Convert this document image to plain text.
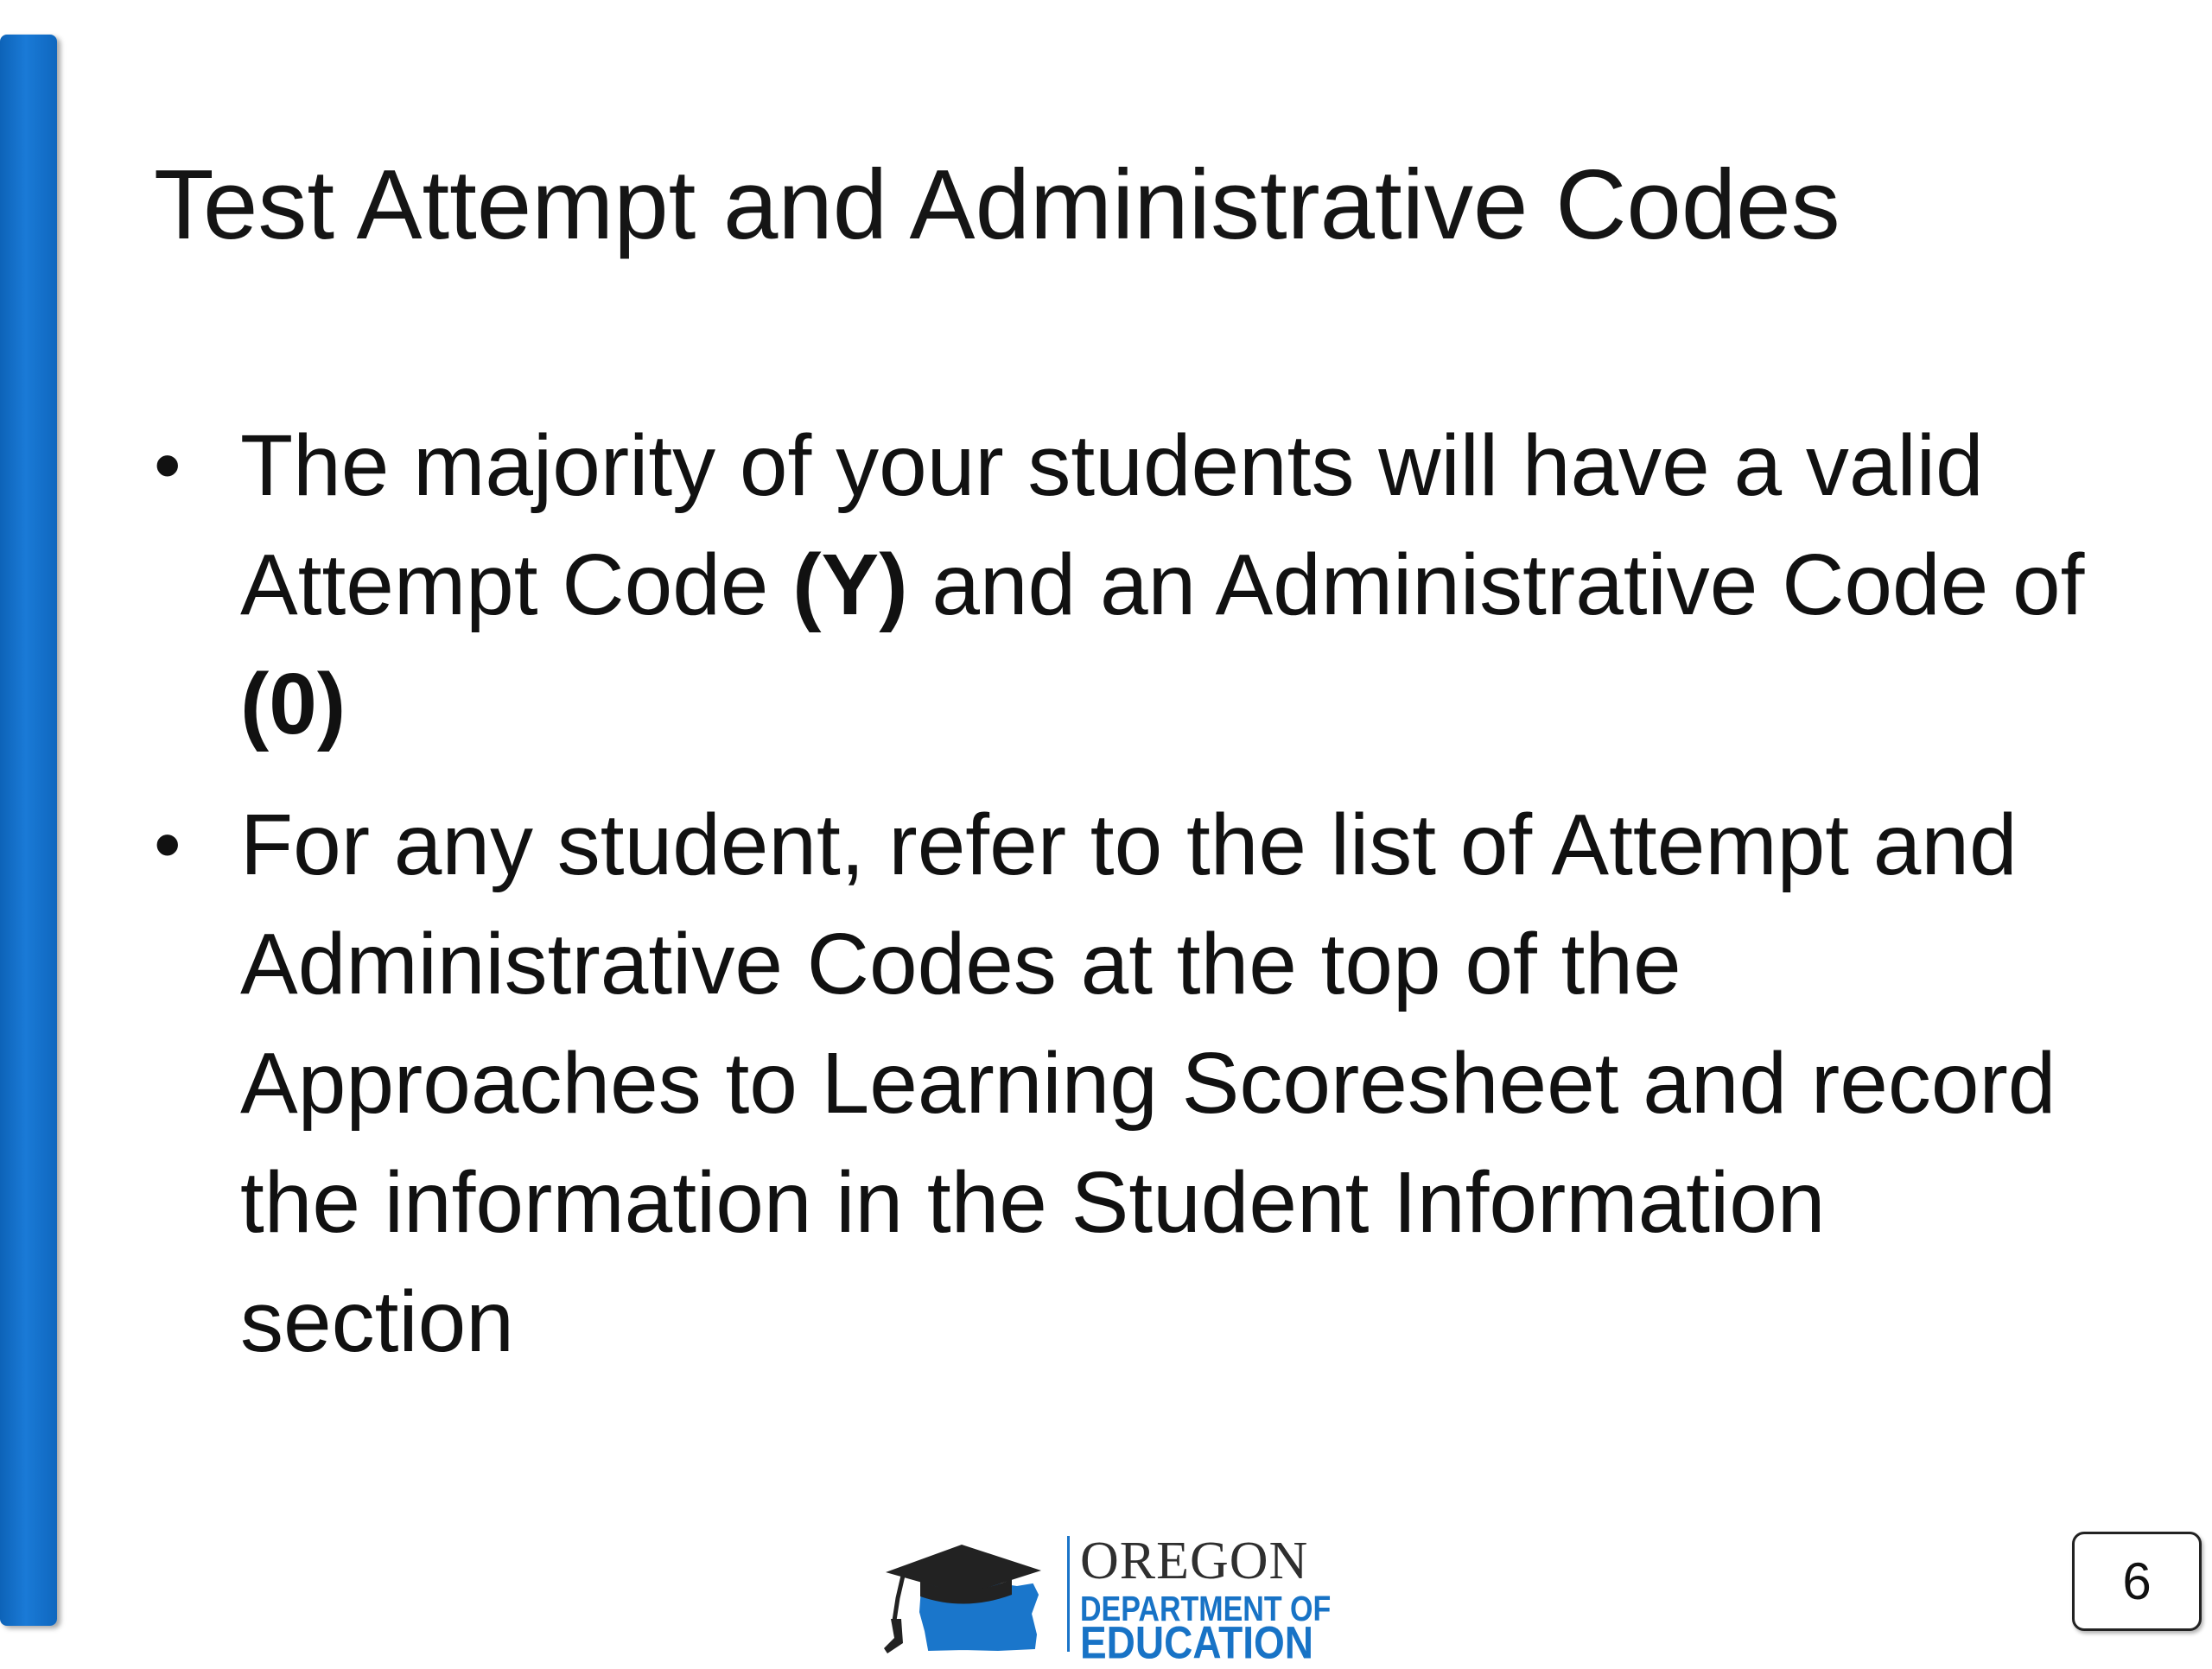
Test Attempt and Administrative Codes
• The majority of your students will have a valid Attempt Code (Y) and an Administrative Code of (0)
• For any student, refer to the list of Attempt and Administrative Codes at the top of the Approaches to Learning Scoresheet and record the information in the Student Information section
OREGON
DEPARTMENT OF
EDUCATION
6
